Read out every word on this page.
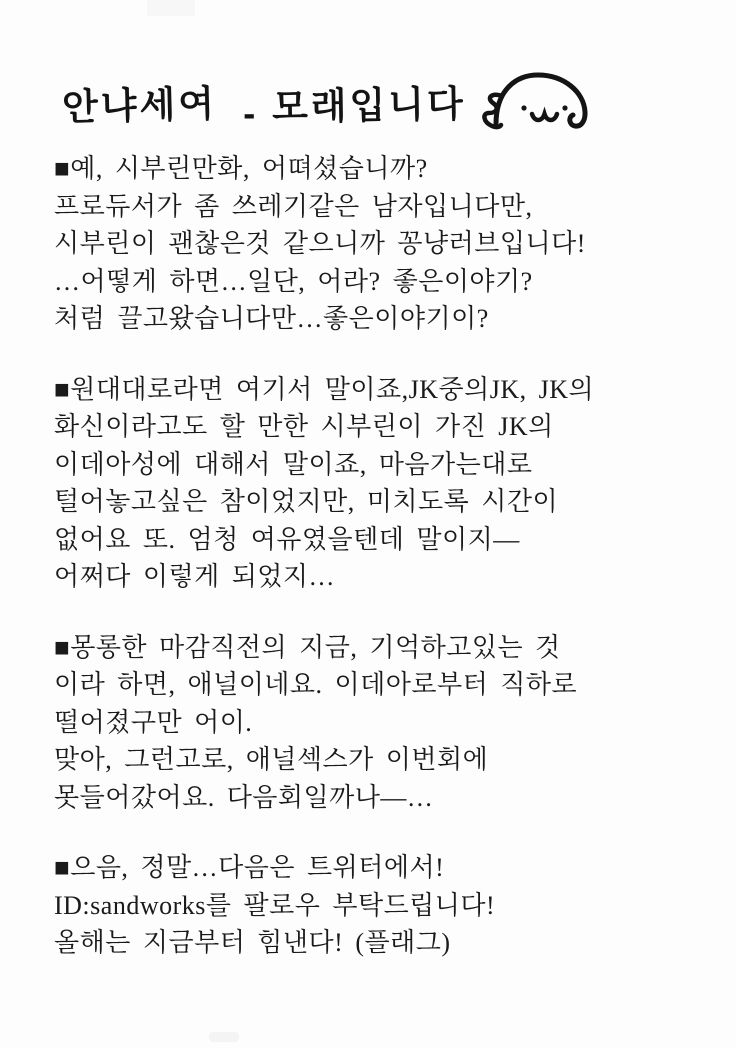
안냐세여 - 모래입니다
■예, 시부린만화, 어뗘셨습니까?
프로듀서가 좀 쓰레기같은 남자입니다만,
시부린이 괜찮은것 같으니까 꽁냥러브입니다!
…어떻게 하면…일단, 어라? 좋은이야기?
처럼 끌고왔습니다만…좋은이야기이?
■원대대로라면 여기서 말이죠,JK중의JK, JK의
화신이라고도 할 만한 시부린이 가진 JK의
이데아성에 대해서 말이죠, 마음가는대로
털어놓고싶은 참이었지만, 미치도록 시간이
없어요 또. 엄청 여유였을텐데 말이지—
어쩌다 이렇게 되었지…
■몽롱한 마감직전의 지금, 기억하고있는 것
이라 하면, 애널이네요. 이데아로부터 직하로
떨어졌구만 어이.
맞아, 그런고로, 애널섹스가 이번회에
못들어갔어요. 다음회일까나—…
■으음, 정말…다음은 트위터에서!
ID:sandworks를 팔로우 부탁드립니다!
올해는 지금부터 힘낸다! (플래그)
